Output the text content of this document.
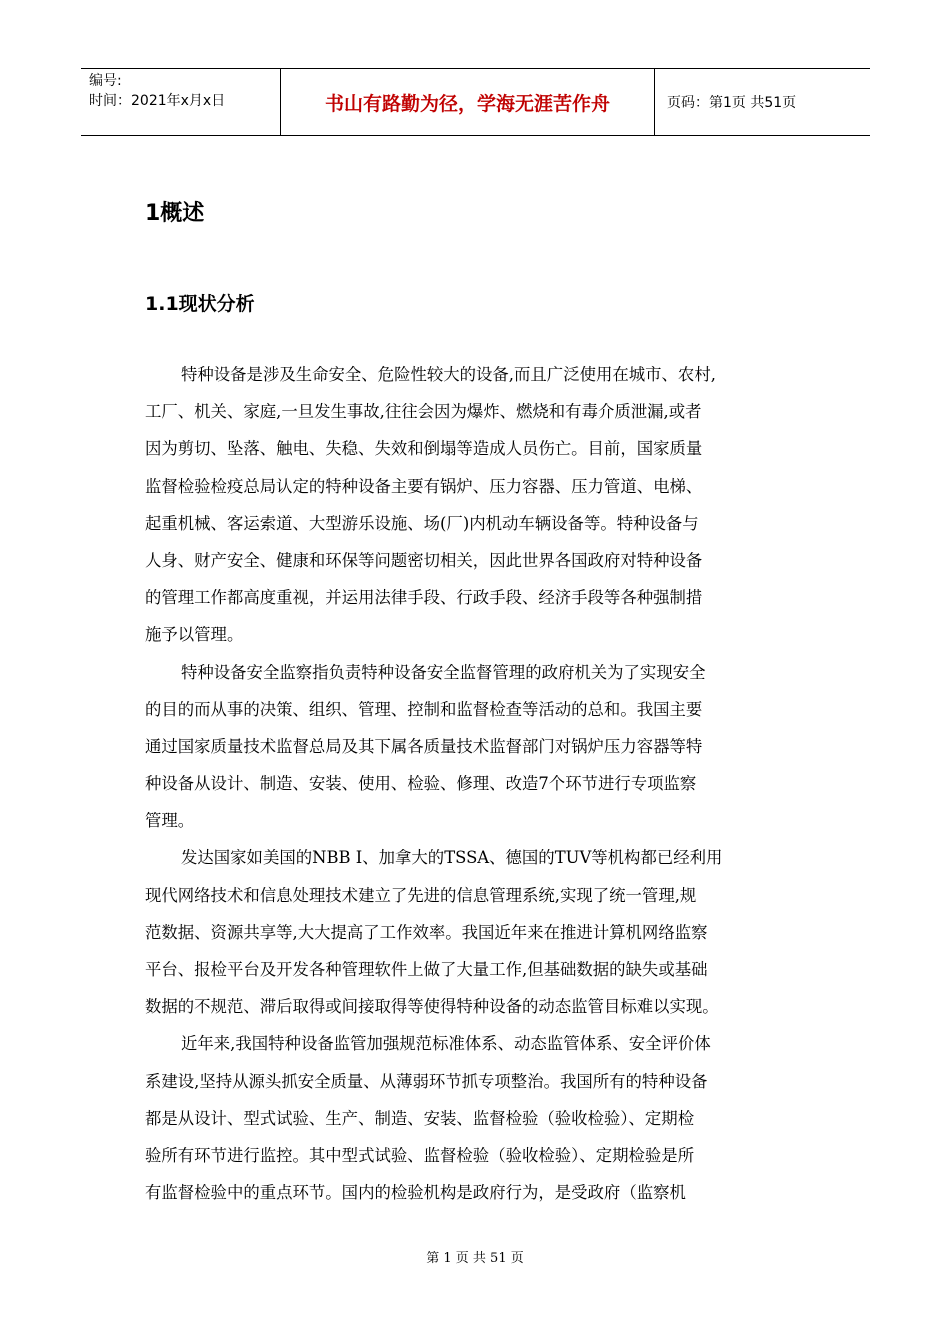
编号:
时间：2021年x月x日	书山有路勤为径，学海无涯苦作舟	页码：第1页 共51页
1概述
1.1现状分析
特种设备是涉及生命安全、危险性较大的设备,而且广泛使用在城市、农村,
工厂、机关、家庭,一旦发生事故,往往会因为爆炸、燃烧和有毒介质泄漏,或者
因为剪切、坠落、触电、失稳、失效和倒塌等造成人员伤亡。目前，国家质量
监督检验检疫总局认定的特种设备主要有锅炉、压力容器、压力管道、电梯、
起重机械、客运索道、大型游乐设施、场(厂)内机动车辆设备等。特种设备与
人身、财产安全、健康和环保等问题密切相关，因此世界各国政府对特种设备
的管理工作都高度重视，并运用法律手段、行政手段、经济手段等各种强制措
施予以管理。
特种设备安全监察指负责特种设备安全监督管理的政府机关为了实现安全
的目的而从事的决策、组织、管理、控制和监督检查等活动的总和。我国主要
通过国家质量技术监督总局及其下属各质量技术监督部门对锅炉压力容器等特
种设备从设计、制造、安装、使用、检验、修理、改造7个环节进行专项监察
管理。
发达国家如美国的NBB I、加拿大的TSSA、德国的TUV等机构都已经利用
现代网络技术和信息处理技术建立了先进的信息管理系统,实现了统一管理,规
范数据、资源共享等,大大提高了工作效率。我国近年来在推进计算机网络监察
平台、报检平台及开发各种管理软件上做了大量工作,但基础数据的缺失或基础
数据的不规范、滞后取得或间接取得等使得特种设备的动态监管目标难以实现。
近年来,我国特种设备监管加强规范标准体系、动态监管体系、安全评价体
系建设,坚持从源头抓安全质量、从薄弱环节抓专项整治。我国所有的特种设备
都是从设计、型式试验、生产、制造、安装、监督检验（验收检验）、定期检
验所有环节进行监控。其中型式试验、监督检验（验收检验）、定期检验是所
有监督检验中的重点环节。国内的检验机构是政府行为，是受政府（监察机
第 1 页 共 51 页
